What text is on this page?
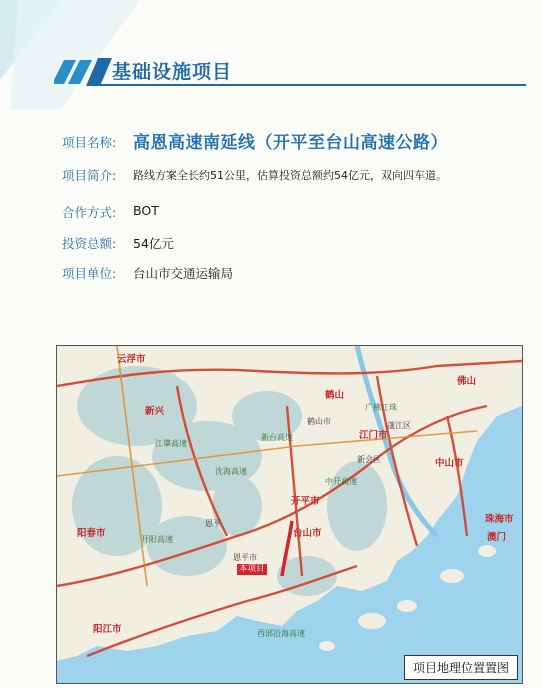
基础设施项目
项目名称: 高恩高速南延线（开平至台山高速公路）
项目简介: 路线方案全长约51公里，估算投资总额约54亿元，双向四车道。
合作方式: BOT
投资总额: 54亿元
项目单位: 台山市交通运输局
云浮市
江门市
中山市
阳春市
阳江市
珠海市
澳门
台山市
开平市
新兴
鹤山
佛山
江肇高速
新台高速
中开高速
开阳高速
西部沿海高速
沈海高速
广佛江珠
恩平
新会区
鹤山市	蓬江区
恩平市
本项目
项目地理位置置图
